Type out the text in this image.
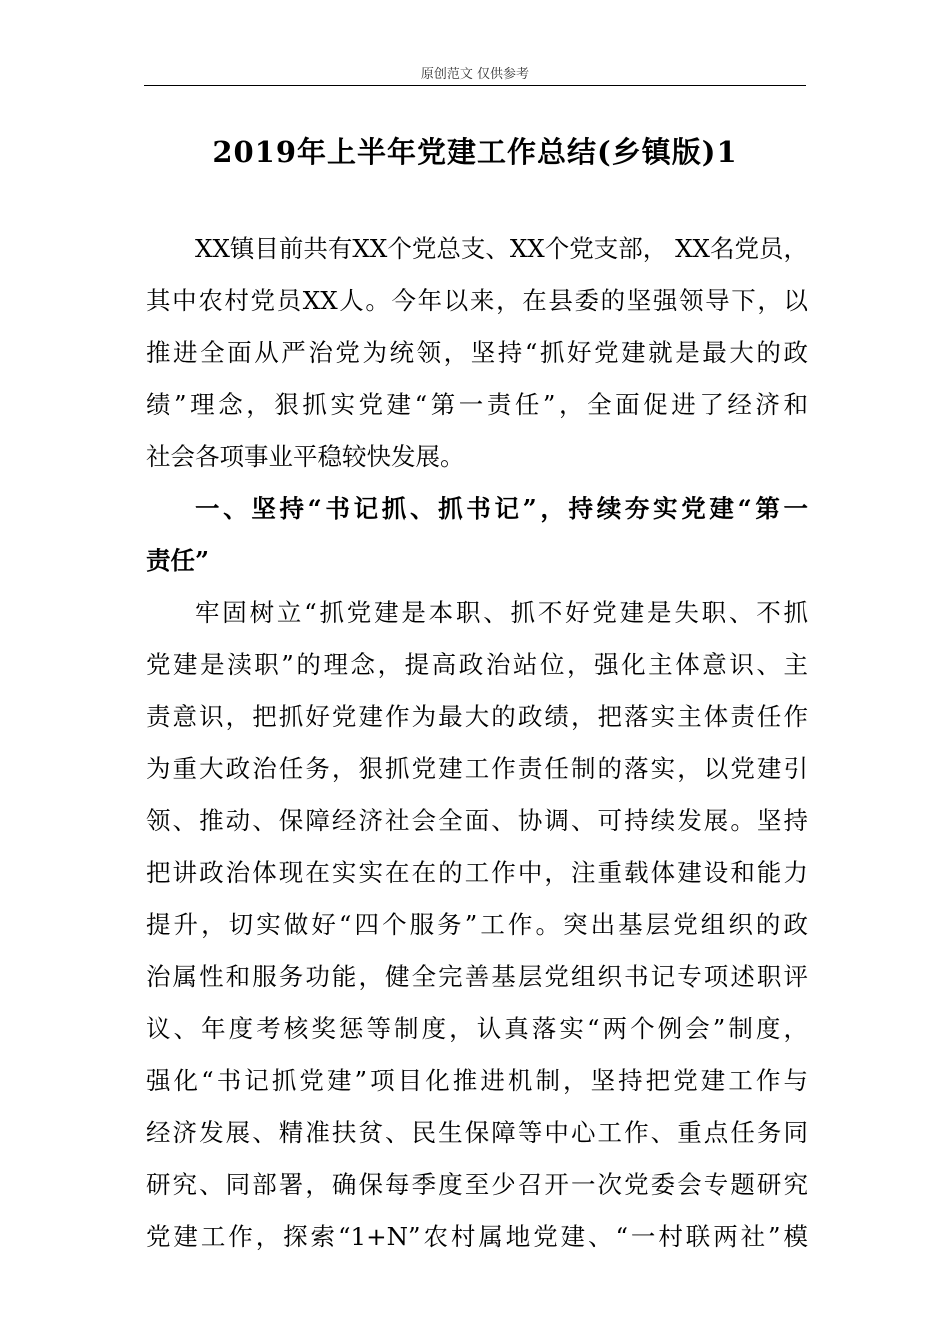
原创范文 仅供参考
2019年上半年党建工作总结(乡镇版)1
XX镇目前共有XX个党总支、XX个党支部， XX名党员，
其中农村党员XX人。今年以来，在县委的坚强领导下，以
推进全面从严治党为统领，坚持“抓好党建就是最大的政
绩”理念，狠抓实党建“第一责任”，全面促进了经济和
社会各项事业平稳较快发展。
一、坚持“书记抓、抓书记”，持续夯实党建“第一
责任”
牢固树立“抓党建是本职、抓不好党建是失职、不抓
党建是渎职”的理念，提高政治站位，强化主体意识、主
责意识，把抓好党建作为最大的政绩，把落实主体责任作
为重大政治任务，狠抓党建工作责任制的落实，以党建引
领、推动、保障经济社会全面、协调、可持续发展。坚持
把讲政治体现在实实在在的工作中，注重载体建设和能力
提升，切实做好“四个服务”工作。突出基层党组织的政
治属性和服务功能，健全完善基层党组织书记专项述职评
议、年度考核奖惩等制度，认真落实“两个例会”制度，
强化“书记抓党建”项目化推进机制，坚持把党建工作与
经济发展、精准扶贫、民生保障等中心工作、重点任务同
研究、同部署，确保每季度至少召开一次党委会专题研究
党建工作，探索“1+N”农村属地党建、“一村联两社”模
